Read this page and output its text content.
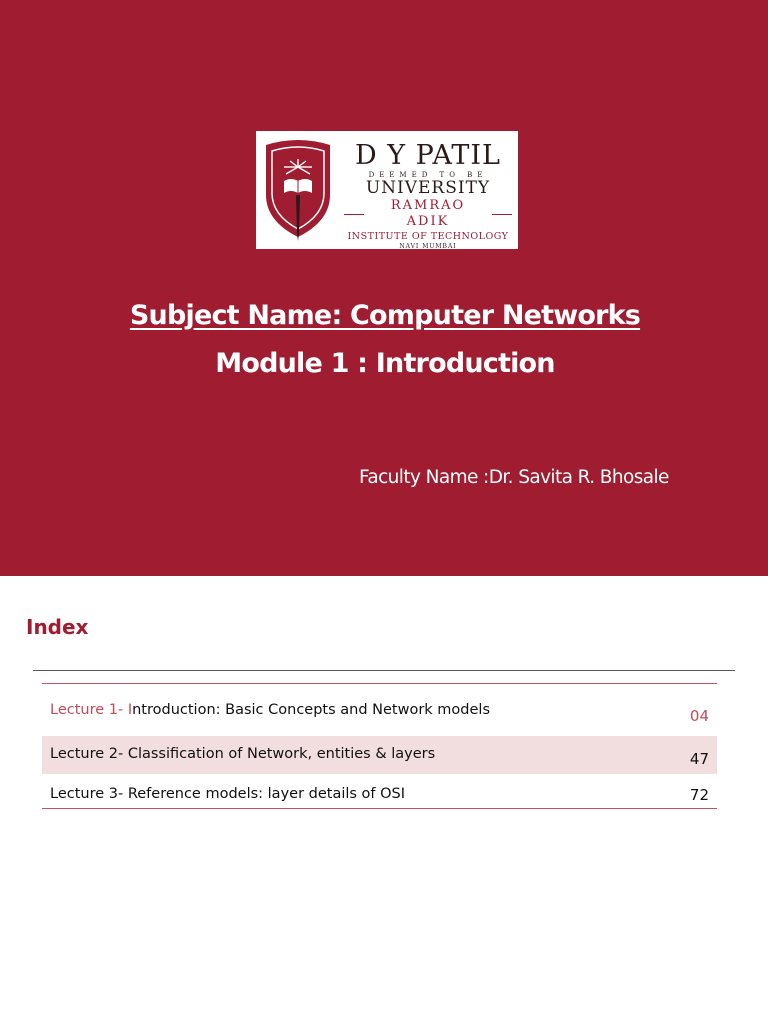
D Y PATIL
DEEMED TO BE
UNIVERSITY
RAMRAO ADIK
INSTITUTE OF TECHNOLOGY
NAVI MUMBAI
Subject Name: Computer Networks
Module 1 : Introduction
Faculty Name :Dr. Savita R. Bhosale
Index
Lecture 1- Introduction: Basic Concepts and Network models	04
Lecture 2- Classification of Network, entities & layers	47
Lecture 3- Reference models: layer details of OSI	72
